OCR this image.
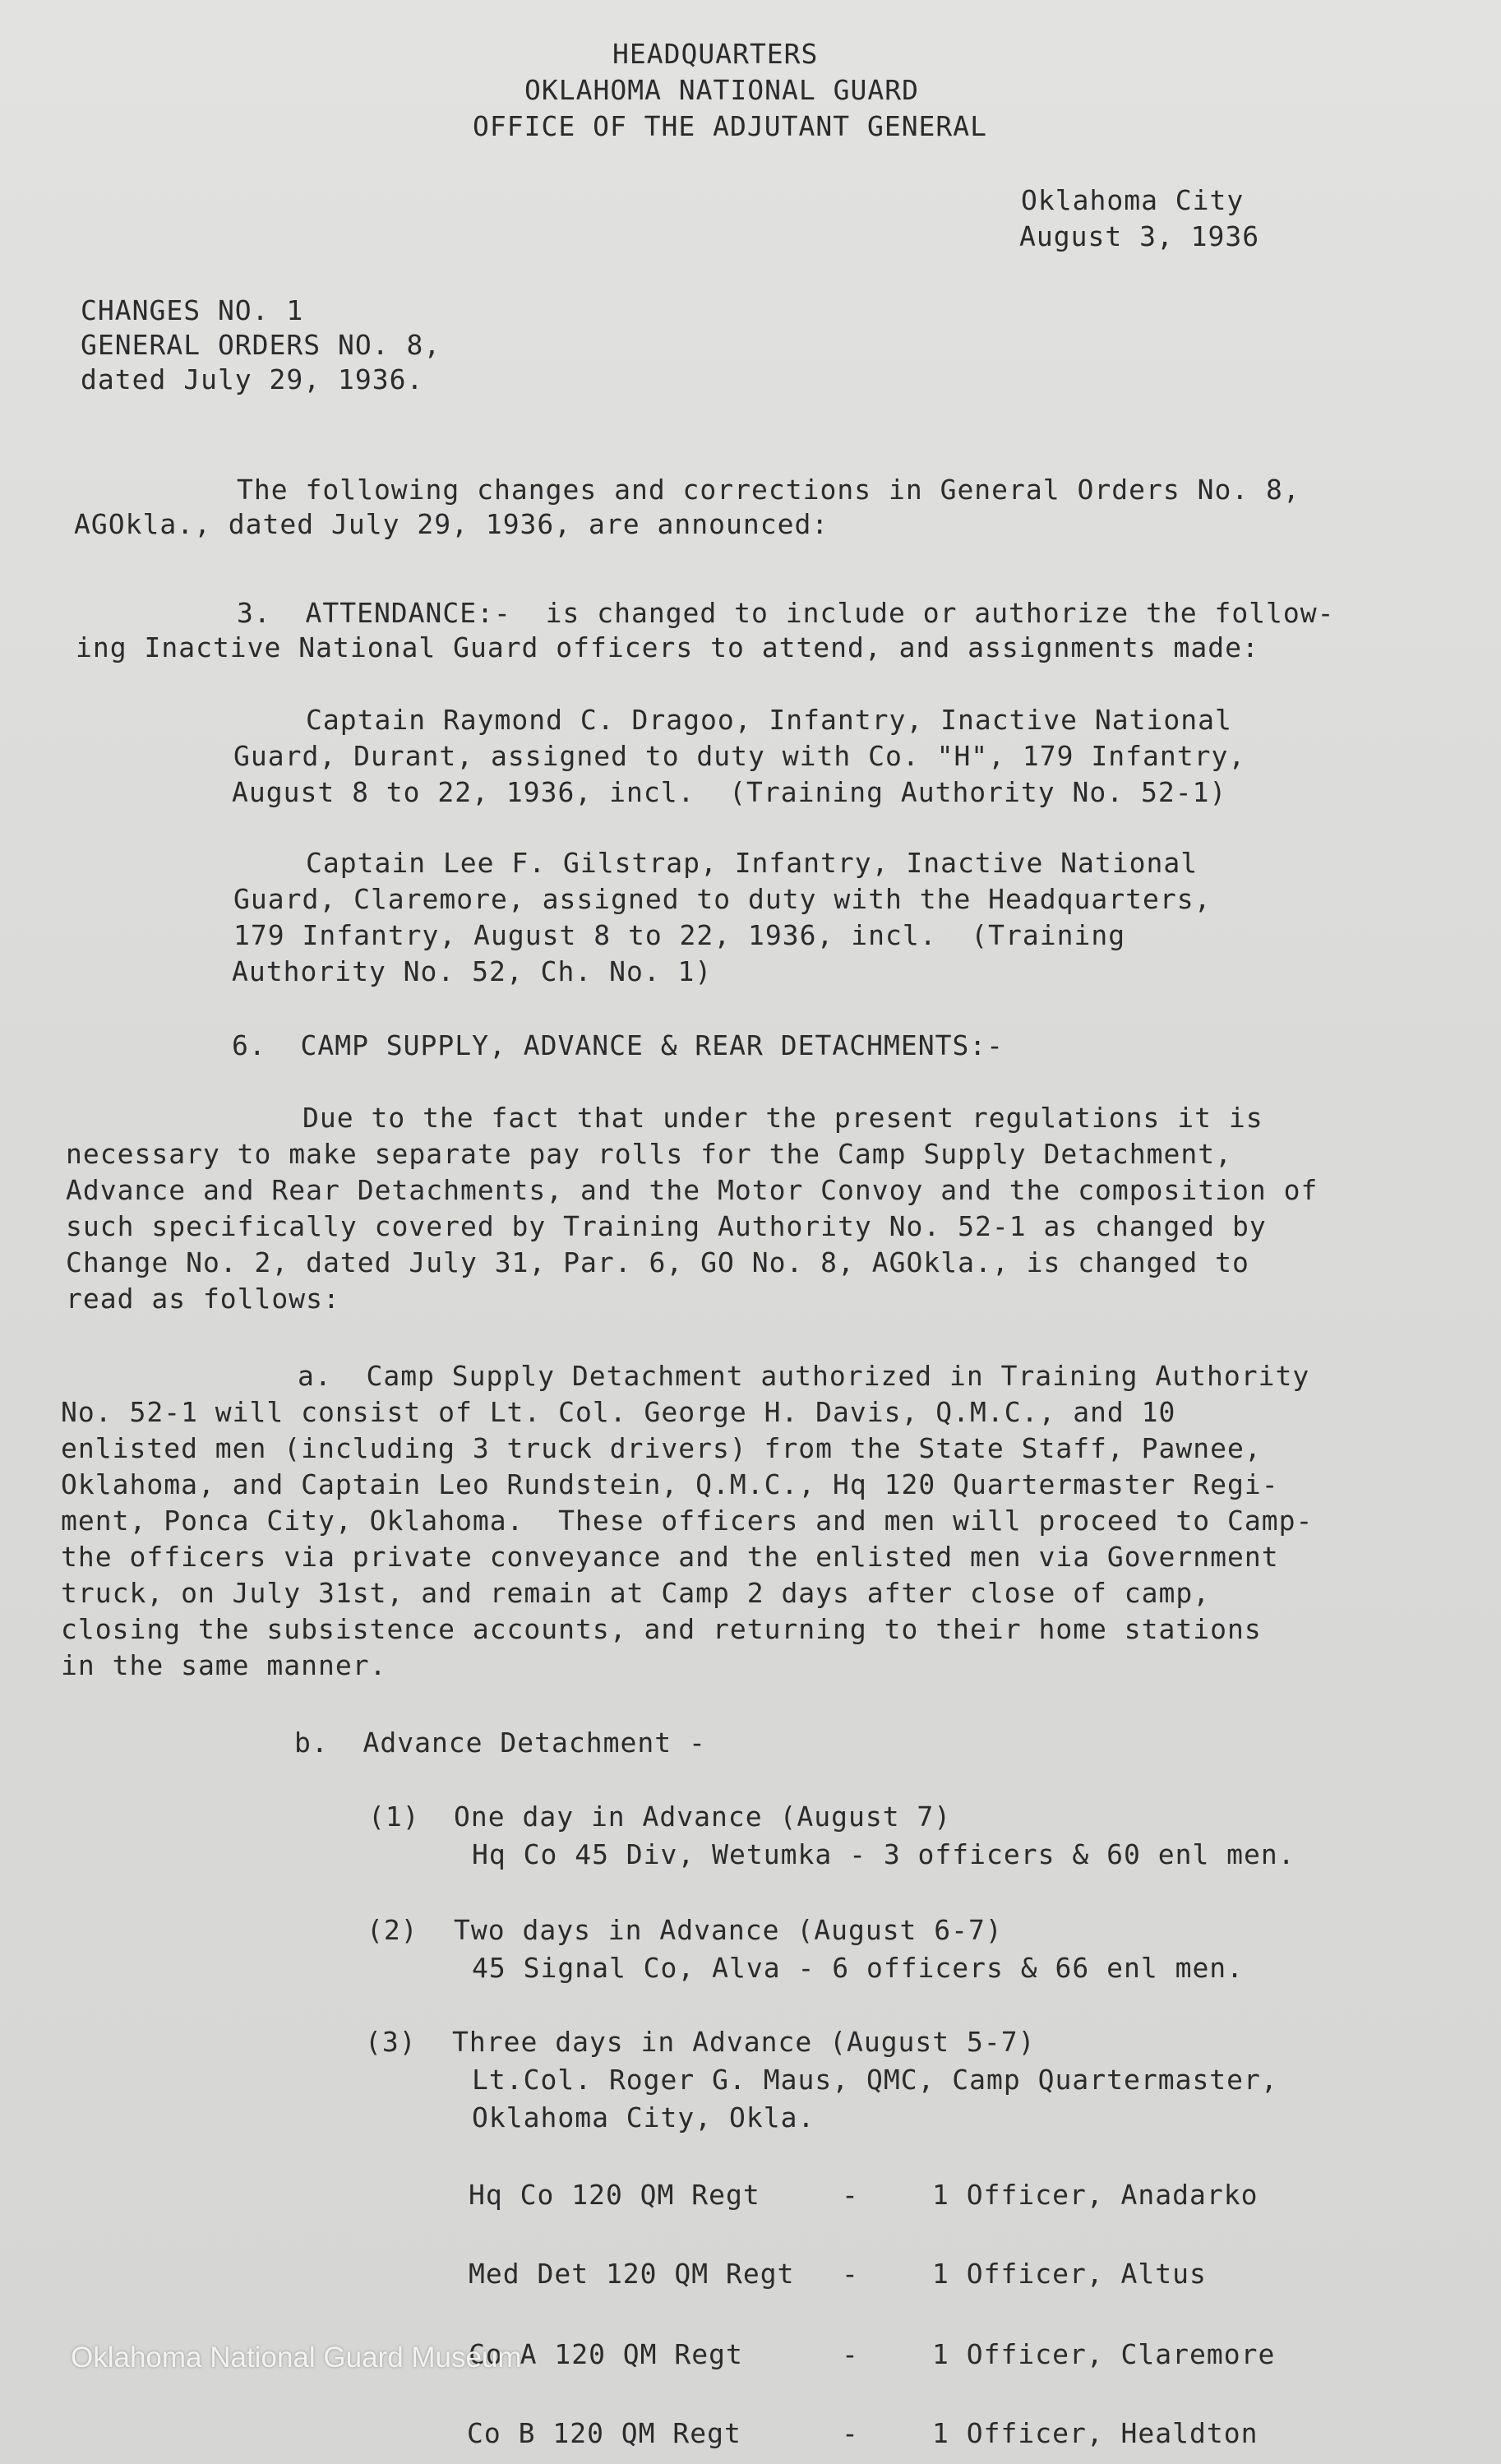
HEADQUARTERS
OKLAHOMA NATIONAL GUARD
OFFICE OF THE ADJUTANT GENERAL
Oklahoma City
August 3, 1936
CHANGES NO. 1
GENERAL ORDERS NO. 8,
dated July 29, 1936.
The following changes and corrections in General Orders No. 8,
AGOkla., dated July 29, 1936, are announced:
3.  ATTENDANCE:-  is changed to include or authorize the follow-
ing Inactive National Guard officers to attend, and assignments made:
Captain Raymond C. Dragoo, Infantry, Inactive National
Guard, Durant, assigned to duty with Co. "H", 179 Infantry,
August 8 to 22, 1936, incl.  (Training Authority No. 52-1)
Captain Lee F. Gilstrap, Infantry, Inactive National
Guard, Claremore, assigned to duty with the Headquarters,
179 Infantry, August 8 to 22, 1936, incl.  (Training
Authority No. 52, Ch. No. 1)
6.  CAMP SUPPLY, ADVANCE & REAR DETACHMENTS:-
Due to the fact that under the present regulations it is
necessary to make separate pay rolls for the Camp Supply Detachment,
Advance and Rear Detachments, and the Motor Convoy and the composition of
such specifically covered by Training Authority No. 52-1 as changed by
Change No. 2, dated July 31, Par. 6, GO No. 8, AGOkla., is changed to
read as follows:
a.  Camp Supply Detachment authorized in Training Authority
No. 52-1 will consist of Lt. Col. George H. Davis, Q.M.C., and 10
enlisted men (including 3 truck drivers) from the State Staff, Pawnee,
Oklahoma, and Captain Leo Rundstein, Q.M.C., Hq 120 Quartermaster Regi-
ment, Ponca City, Oklahoma.  These officers and men will proceed to Camp-
the officers via private conveyance and the enlisted men via Government
truck, on July 31st, and remain at Camp 2 days after close of camp,
closing the subsistence accounts, and returning to their home stations
in the same manner.
b.  Advance Detachment -
(1) One day in Advance (August 7)
Hq Co 45 Div, Wetumka - 3 officers & 60 enl men.
(2) Two days in Advance (August 6-7)
45 Signal Co, Alva - 6 officers & 66 enl men.
(3) Three days in Advance (August 5-7)
Lt.Col. Roger G. Maus, QMC, Camp Quartermaster,
Oklahoma City, Okla.
Hq Co 120 QM Regt	-	1 Officer, Anadarko
Med Det 120 QM Regt -	1 Officer, Altus
Co A 120 QM Regt	-	1 Officer, Claremore
Co B 120 QM Regt	-	1 Officer, Healdton
Oklahoma National Guard Museum
